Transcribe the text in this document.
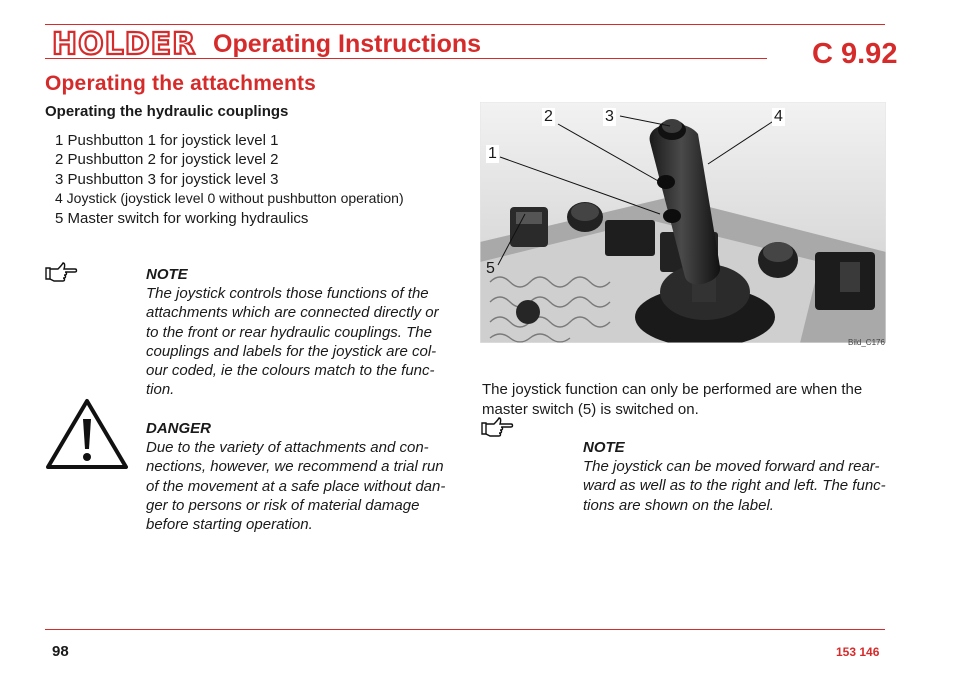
HOLDER Operating Instructions	C 9.92
Operating the attachments
Operating the hydraulic couplings
1 Pushbutton 1 for joystick level 1
2 Pushbutton 2 for joystick level 2
3 Pushbutton 3 for joystick level 3
4 Joystick (joystick level 0 without pushbutton operation)
5 Master switch for working hydraulics
NOTE
The joystick controls those functions of the
attachments which are connected directly or
to the front or rear hydraulic couplings. The
couplings and labels for the joystick are col-
our coded, ie the colours match to the func-
tion.
DANGER
Due to the variety of attachments and con-
nections, however, we recommend a trial run
of the movement at a safe place without dan-
ger to persons or risk of material damage
before starting operation.
2	3	4
1
5
Bild_C176
The joystick function can only be performed are when the
master switch (5) is switched on.
NOTE
The joystick can be moved forward and rear-
ward as well as to the right and left. The func-
tions are shown on the label.
98	153 146
